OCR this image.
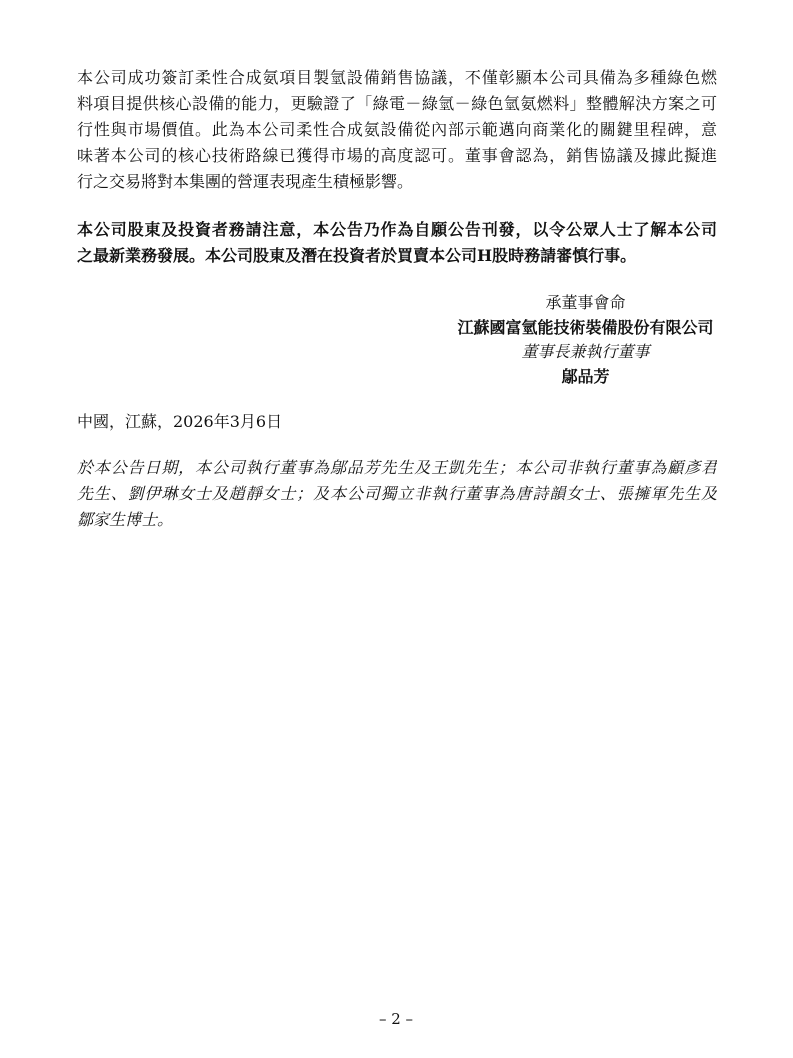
本公司成功簽訂柔性合成氨項目製氫設備銷售協議，不僅彰顯本公司具備為多種綠色燃
料項目提供核心設備的能力，更驗證了「綠電－綠氫－綠色氫氨燃料」整體解決方案之可
行性與市場價值。此為本公司柔性合成氨設備從內部示範邁向商業化的關鍵里程碑，意
味著本公司的核心技術路線已獲得市場的高度認可。董事會認為，銷售協議及據此擬進
行之交易將對本集團的營運表現產生積極影響。
本公司股東及投資者務請注意，本公告乃作為自願公告刊發，以令公眾人士了解本公司
之最新業務發展。本公司股東及潛在投資者於買賣本公司H股時務請審慎行事。
承董事會命
江蘇國富氫能技術裝備股份有限公司
董事長兼執行董事
鄔品芳
中國，江蘇，2026年3月6日
於本公告日期，本公司執行董事為鄔品芳先生及王凱先生；本公司非執行董事為顧彥君
先生、劉伊琳女士及趙靜女士；及本公司獨立非執行董事為唐詩韻女士、張擁軍先生及
鄒家生博士。
– 2 –
